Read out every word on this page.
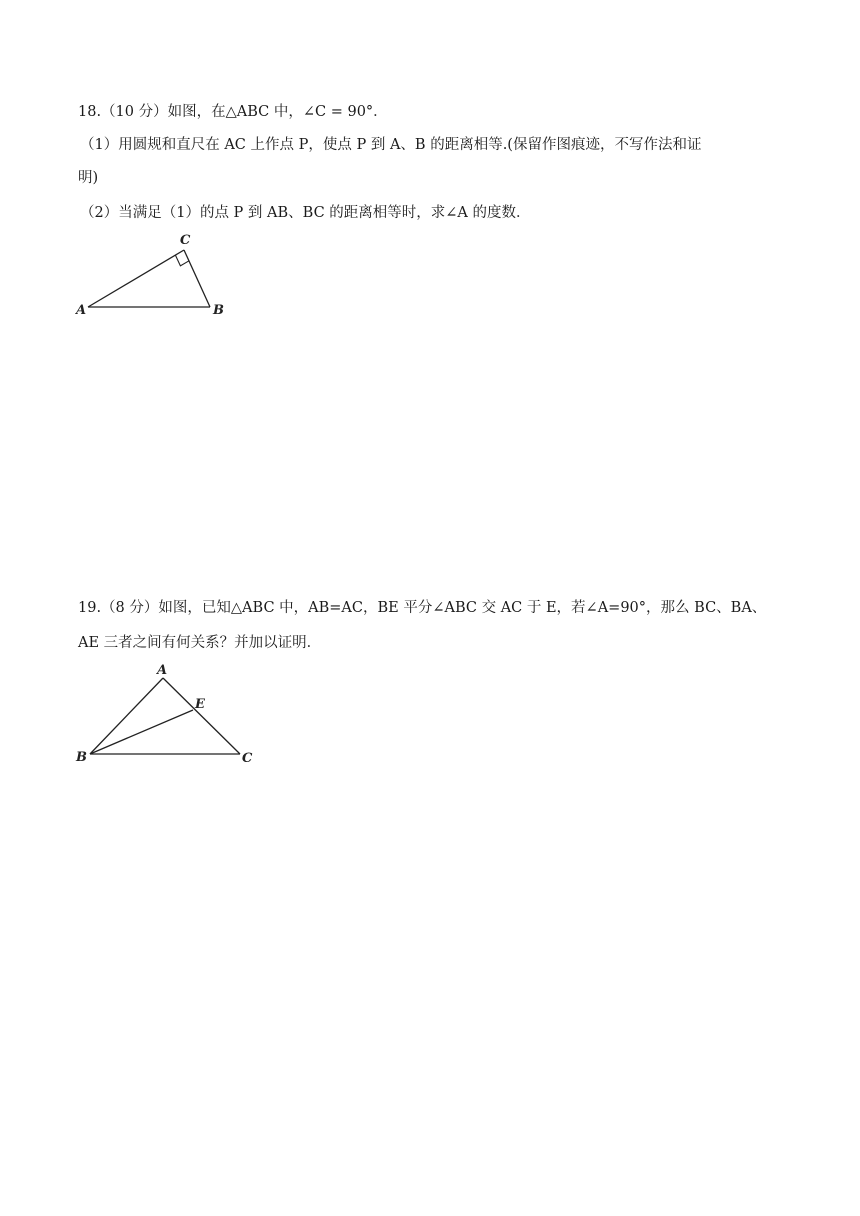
18.（10 分）如图，在△ABC 中，∠C = 90°．
（1）用圆规和直尺在 AC 上作点 P，使点 P 到 A、B 的距离相等.(保留作图痕迹，不写作法和证
明)
（2）当满足（1）的点 P 到 AB、BC 的距离相等时，求∠A 的度数．
A	B
C
19.（8 分）如图，已知△ABC 中，AB=AC，BE 平分∠ABC 交 AC 于 E，若∠A=90°，那么 BC、BA、
AE 三者之间有何关系？并加以证明．
A
B	C
E
